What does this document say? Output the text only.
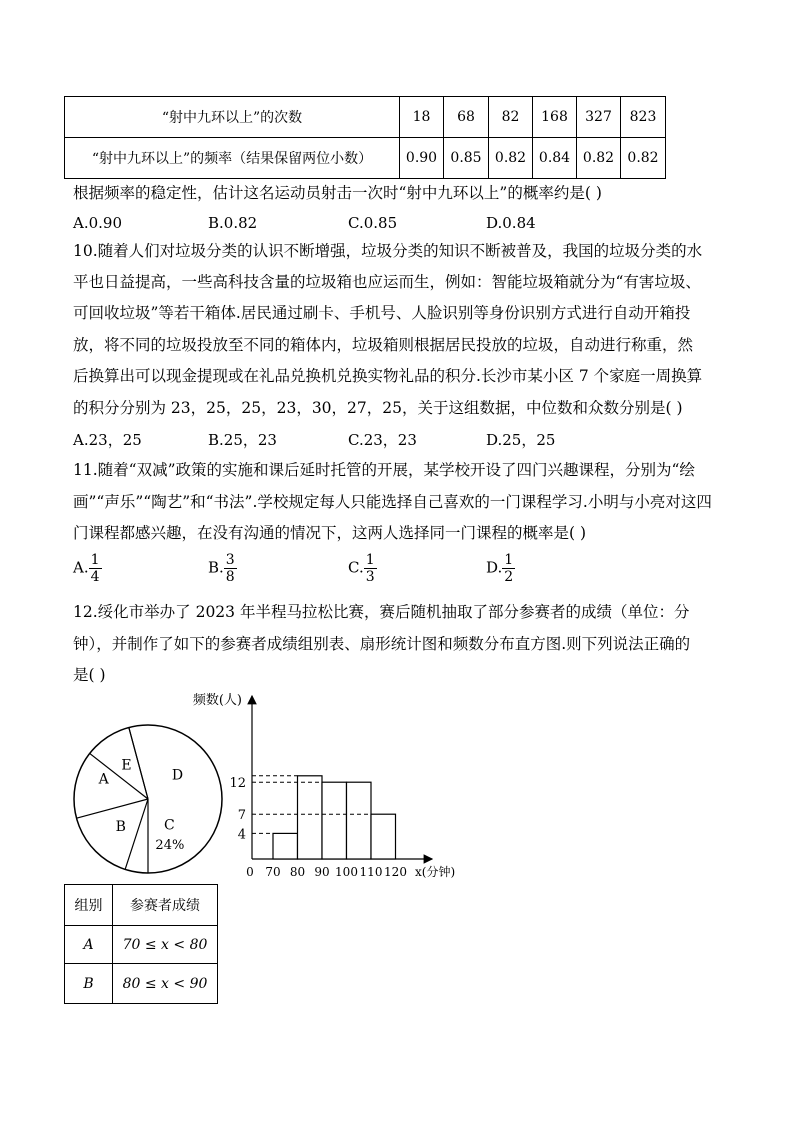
“射中九环以上”的次数	18	68	82	168	327	823
“射中九环以上”的频率（结果保留两位小数）	0.90	0.85	0.82	0.84	0.82	0.82
根据频率的稳定性，估计这名运动员射击一次时“射中九环以上”的概率约是( )
A.0.90	B.0.82	C.0.85	D.0.84
10.随着人们对垃圾分类的认识不断增强，垃圾分类的知识不断被普及，我国的垃圾分类的水
平也日益提高，一些高科技含量的垃圾箱也应运而生，例如：智能垃圾箱就分为“有害垃圾、
可回收垃圾”等若干箱体.居民通过刷卡、手机号、人脸识别等身份识别方式进行自动开箱投
放，将不同的垃圾投放至不同的箱体内，垃圾箱则根据居民投放的垃圾，自动进行称重，然
后换算出可以现金提现或在礼品兑换机兑换实物礼品的积分.长沙市某小区 7 个家庭一周换算
的积分分别为 23，25，25，23，30，27，25，关于这组数据，中位数和众数分别是( )
A.23，25	B.25，23	C.23，23	D.25，25
11.随着“双减”政策的实施和课后延时托管的开展，某学校开设了四门兴趣课程，分别为“绘
画”“声乐”“陶艺”和“书法”.学校规定每人只能选择自己喜欢的一门课程学习.小明与小亮对这四
门课程都感兴趣，在没有沟通的情况下，这两人选择同一门课程的概率是( )
A. $\frac{1}{4}$	B. $\frac{3}{8}$	C. $\frac{1}{3}$	D. $\frac{1}{2}$
12.绥化市举办了 2023 年半程马拉松比赛，赛后随机抽取了部分参赛者的成绩（单位：分
钟），并制作了如下的参赛者成绩组别表、扇形统计图和频数分布直方图.则下列说法正确的
是( )
A
B	C
D
E
24%
4
7
12
0 70 80 90 100 110 120
频数(人)
x(分钟)
组别	参赛者成绩
A	70 ≤ x < 80
B	80 ≤ x < 90
